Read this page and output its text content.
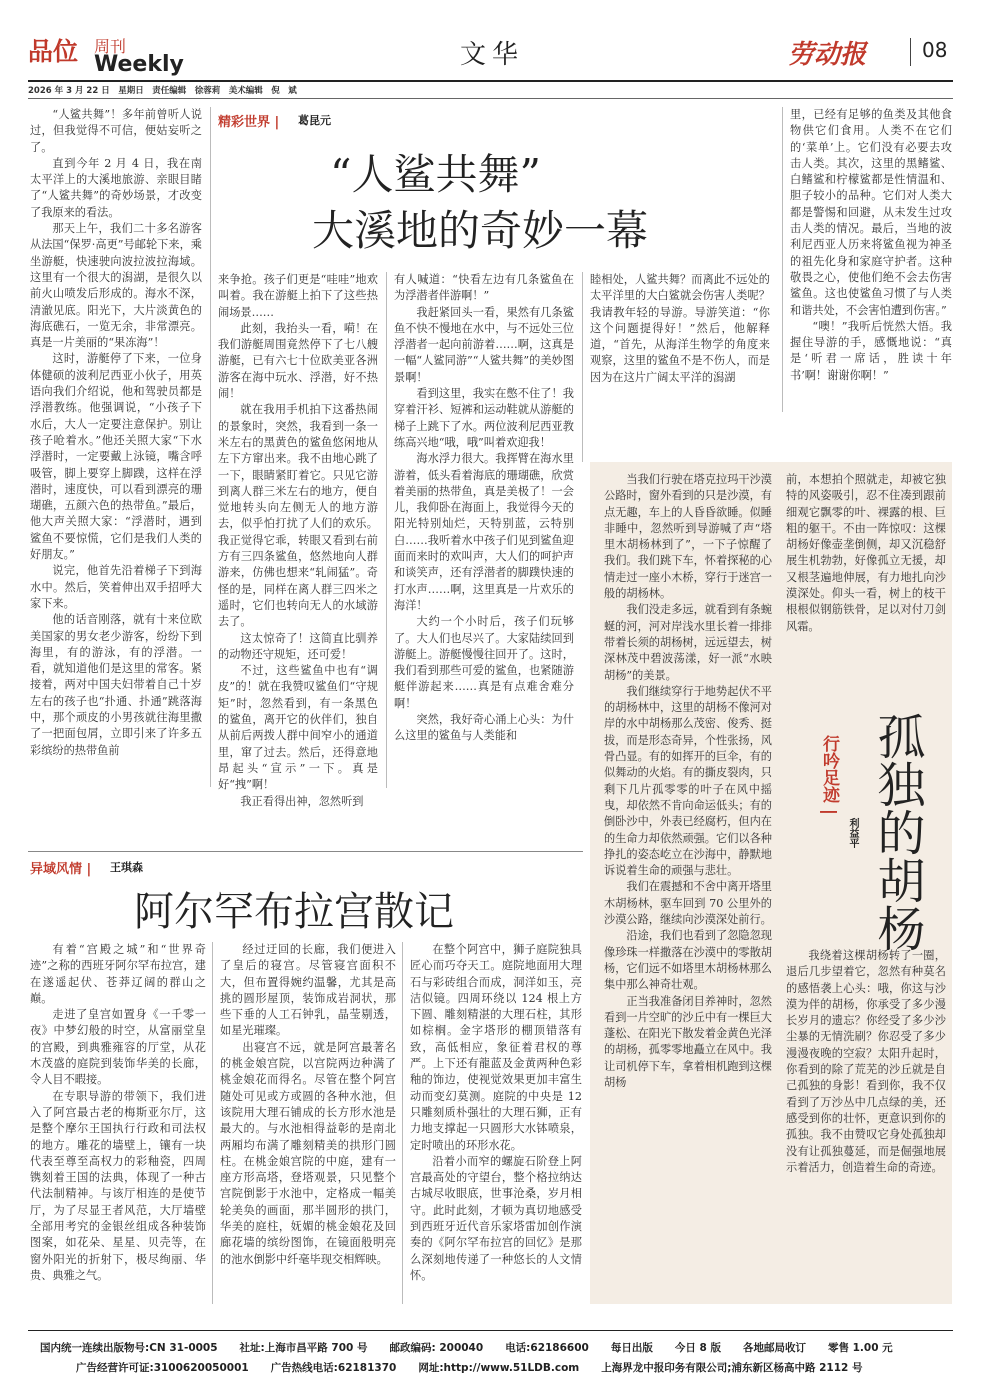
品位 周刊
Weekly	文华	劳动报	08
2026 年 3 月 22 日　星期日　责任编辑　徐蓉莉　美术编辑　倪　斌

“人鲨共舞”！多年前曾听人说过，但我觉得不可信，便姑妄听之了。

直到今年 2 月 4 日，我在南太平洋上的大溪地旅游、亲眼目睹了“人鲨共舞”的奇妙场景，才改变了我原来的看法。

那天上午，我们二十多名游客从法国“保罗·高更”号邮轮下来，乘坐游艇，快速驶向波拉波拉海域。这里有一个很大的潟湖，是很久以前火山喷发后形成的。海水不深，清澈见底。阳光下，大片淡黄色的海底礁石，一览无余，非常漂亮。真是一片美丽的“果冻海”！

这时，游艇停了下来，一位身体健硕的波利尼西亚小伙子，用英语向我们介绍说，他和驾驶员都是浮潜教练。他强调说，“小孩子下水后，大人一定要注意保护。别让孩子呛着水。”他还关照大家“下水浮潜时，一定要戴上泳镜，嘴含呼吸管，脚上要穿上脚蹼，这样在浮潜时，速度快，可以看到漂亮的珊瑚礁，五颜六色的热带鱼。”最后，他大声关照大家：“浮潜时，遇到鲨鱼不要惊慌，它们是我们人类的好朋友。”

说完，他首先沿着梯子下到海水中。然后，笑着伸出双手招呼大家下来。

他的话音刚落，就有十来位欧美国家的男女老少游客，纷纷下到海里，有的游泳，有的浮潜。一看，就知道他们是这里的常客。紧接着，两对中国夫妇带着自己十岁左右的孩子也“扑通、扑通”跳落海中，那个顽皮的小男孩就往海里撒了一把面包屑，立即引来了许多五彩缤纷的热带鱼前

精彩世界 | 葛昆元
“人鲨共舞”
大溪地的奇妙一幕

来争抢。孩子们更是“哇哇”地欢叫着。我在游艇上拍下了这些热闹场景……

此刻，我抬头一看，嗬！在我们游艇周围竟然停下了七八艘游艇，已有六七十位欧美亚各洲游客在海中玩水、浮潜，好不热闹！

就在我用手机拍下这番热闹的景象时，突然，我看到一条一米左右的黑黄色的鲨鱼悠闲地从左下方窜出来。我不由地心跳了一下，眼睛紧盯着它。只见它游到离人群三米左右的地方，便自觉地转头向左侧无人的地方游去，似乎怕打扰了人们的欢乐。我正觉得它乖，转眼又看到右前方有三四条鲨鱼，悠然地向人群游来，仿佛也想来“轧闹猛”。奇怪的是，同样在离人群三四米之遥时，它们也转向无人的水域游去了。

这太惊奇了！这简直比驯养的动物还守规矩，还可爱！

不过，这些鲨鱼中也有“调皮”的！就在我赞叹鲨鱼们“守规矩”时，忽然看到，有一条黑色的鲨鱼，离开它的伙伴们，独自从前后两拨人群中间窄小的通道里，窜了过去。然后，还得意地昂起头“宣示”一下。真是好“拽”啊！

我正看得出神，忽然听到

有人喊道：“快看左边有几条鲨鱼在为浮潜者伴游啊！”

我赶紧回头一看，果然有几条鲨鱼不快不慢地在水中，与不远处三位浮潜者一起向前游着……啊，这真是一幅“人鲨同游”“人鲨共舞”的美妙图景啊！

看到这里，我实在憋不住了！我穿着汗衫、短裤和运动鞋就从游艇的梯子上跳下了水。两位波利尼西亚教练高兴地“哦，哦”叫着欢迎我！

海水浮力很大。我挥臂在海水里游着，低头看着海底的珊瑚礁，欣赏着美丽的热带鱼，真是美极了！一会儿，我仰卧在海面上，我觉得今天的阳光特别灿烂，天特别蓝，云特别白……我听着水中孩子们见到鲨鱼迎面而来时的欢叫声，大人们的呵护声和谈笑声，还有浮潜者的脚蹼快速的打水声……啊，这里真是一片欢乐的海洋！

大约一个小时后，孩子们玩够了。大人们也尽兴了。大家陆续回到游艇上。游艇慢慢往回开了。这时，我们看到那些可爱的鲨鱼，也紧随游艇伴游起来……真是有点难舍难分啊！

突然，我好奇心涌上心头：为什么这里的鲨鱼与人类能和

睦相处，人鲨共舞？而离此不远处的太平洋里的大白鲨就会伤害人类呢？我请教年轻的导游。导游笑道：“你这个问题提得好！”然后，他解释道，“首先，从海洋生物学的角度来观察，这里的鲨鱼不是不伤人，而是因为在这片广阔太平洋的潟湖

里，已经有足够的鱼类及其他食物供它们食用。人类不在它们的‘菜单’上。它们没有必要去攻击人类。其次，这里的黑鳍鲨、白鳍鲨和柠檬鲨都是性情温和、胆子较小的品种。它们对人类大都是警惕和回避，从未发生过攻击人类的情况。最后，当地的波利尼西亚人历来将鲨鱼视为神圣的祖先化身和家庭守护者。这种敬畏之心，使他们绝不会去伤害鲨鱼。这也使鲨鱼习惯了与人类和谐共处，不会害怕遭到伤害。”

“噢！”我听后恍然大悟。我握住导游的手，感慨地说：“真是‘听君一席话，胜读十年书’啊！谢谢你啊！”

当我们行驶在塔克拉玛干沙漠公路时，窗外看到的只是沙漠，有点无趣，车上的人昏昏欲睡。似睡非睡中，忽然听到导游喊了声“塔里木胡杨林到了”，一下子惊醒了我们。我们跳下车，怀着探秘的心情走过一座小木桥，穿行于迷宫一般的胡杨林。

我们没走多远，就看到有条蜿蜒的河，河对岸浅水里长着一排排带着长须的胡杨树，远远望去，树深林茂中碧波荡漾，好一派“水映胡杨”的美景。

我们继续穿行于地势起伏不平的胡杨林中，这里的胡杨不像河对岸的水中胡杨那么茂密、俊秀、挺拔，而是形态奇异，个性张扬，风骨凸显。有的如挥开的巨伞，有的似舞动的火焰。有的撕皮裂肉，只剩下几片孤零零的叶子在风中摇曳，却依然不肯向命运低头；有的倒卧沙中，外表已经腐朽，但内在的生命力却依然顽强。它们以各种挣扎的姿态屹立在沙海中，静默地诉说着生命的顽强与悲壮。

我们在震撼和不舍中离开塔里木胡杨林，驱车回到 70 公里外的沙漠公路，继续向沙漠深处前行。

沿途，我们也看到了忽隐忽现像珍珠一样撒落在沙漠中的零散胡杨，它们远不如塔里木胡杨林那么集中那么神奇壮观。

正当我准备闭目养神时，忽然看到一片空旷的沙丘中有一棵巨大蓬松、在阳光下散发着金黄色光泽的胡杨，孤零零地矗立在风中。我让司机停下车，拿着相机跑到这棵胡杨

前，本想拍个照就走，却被它独特的风姿吸引，忍不住凑到跟前细观它飘零的叶、裸露的根、巨粗的躯干。不由一阵惊叹：这棵胡杨好像壶垄倒侧，却又沉稳舒展生机勃勃，好像孤立无援，却又根茎遍地伸展，有力地扎向沙漠深处。仰头一看，树上的枝干根根似钢筋铁骨，足以对付刀剑风霜。

行吟足迹 |
利益平 孤独的胡杨

我绕着这棵胡杨转了一圈，退后几步望着它，忽然有种莫名的感悟袭上心头：哦，你这与沙漠为伴的胡杨，你承受了多少漫长岁月的遗忘？你经受了多少沙尘暴的无情洗刷？你忍受了多少漫漫夜晚的空寂？太阳升起时，你看到的除了荒芜的沙丘就是自己孤独的身影！看到你，我不仅看到了万沙丛中几点绿的美，还感受到你的壮怀，更意识到你的孤独。我不由赞叹它身处孤独却没有让孤独蔓延，而是倔强地展示着活力，创造着生命的奇迹。

异域风情 | 王琪森
阿尔罕布拉宫散记

有着“宫殿之城”和“世界奇迹”之称的西班牙阿尔罕布拉宫，建在遂遥起伏、苍莽辽阔的群山之巅。

走进了皇宫如置身《一千零一夜》中梦幻般的时空，从富丽堂皇的宫殿，到典雅雍容的厅堂，从花木茂盛的庭院到装饰华美的长廊，令人目不暇接。

在专职导游的带领下，我们进入了阿宫最古老的梅斯亚尔厅，这是整个摩尔王国执行行政和司法权的地方。雕花的墙壁上，镶有一块代表至尊至高权力的彩釉瓷，四周镌刻着王国的法典，体现了一种古代法制精神。与该厅相连的是使节厅，为了尽显王者风范，大厅墙壁全部用考究的金银丝组成各种装饰图案，如花朵、星星、贝壳等，在窗外阳光的折射下，极尽绚丽、华贵、典雅之气。

经过迂回的长廊，我们便进入了皇后的寝宫。尽管寝宫面积不大，但布置得婉约温馨，尤其是高挑的圆形屋顶，装饰成岩洞状，那些下垂的人工石钟乳，晶莹剔透，如星光璀璨。

出寝宫不远，就是阿宫最著名的桃金娘宫院，以宫院两边种满了桃金娘花而得名。尽管在整个阿宫随处可见或方或圆的各种水池，但该院用大理石铺成的长方形水池是最大的。与水池相得益彰的是南北两厢均布满了雕刻精美的拱形门圆柱。在桃金娘宫院的中庭，建有一座方形高塔，登塔观景，只见整个宫院倒影于水池中，定格成一幅美轮美奂的画面，那半圆形的拱门，华美的庭柱，妩媚的桃金娘花及回廊花墙的缤纷图饰，在镜面般明亮的池水倒影中纤毫毕现交相辉映。

在整个阿宫中，狮子庭院独具匠心而巧夺天工。庭院地面用大理石与彩砖组合而成，洞洋如玉，亮洁似镜。四周环绕以 124 根上方下圆、雕刻精湛的大理石柱，其形如棕榈。金字塔形的棚顶错落有致，高低相应，象征着君权的尊严。上下还有龍蓝及金黄两种色彩釉的饰边，使视觉效果更加丰富生动而变幻莫测。庭院的中央是 12 只雕刻质朴强壮的大理石狮，正有力地支撑起一只圆形大水钵喷泉，定时喷出的环形水花。

沿着小而窄的螺旋石阶登上阿宫最高处的守望台，整个格拉纳达古城尽收眼底，世事沧桑，岁月相守。此时此刻，才顿为真切地感受到西班牙近代音乐家塔雷加创作演奏的《阿尔罕布拉宫的回忆》是那么深刻地传递了一种悠长的人文情怀。

国内统一连续出版物号:CN 31-0005 社址:上海市昌平路 700 号 邮政编码: 200040 电话:62186600 每日出版 今日 8 版 各地邮局收订 零售 1.00 元
广告经营许可证:3100620050001 广告热线电话:62181370 网址:http://www.51LDB.com 上海界龙中报印务有限公司;浦东新区杨高中路 2112 号
